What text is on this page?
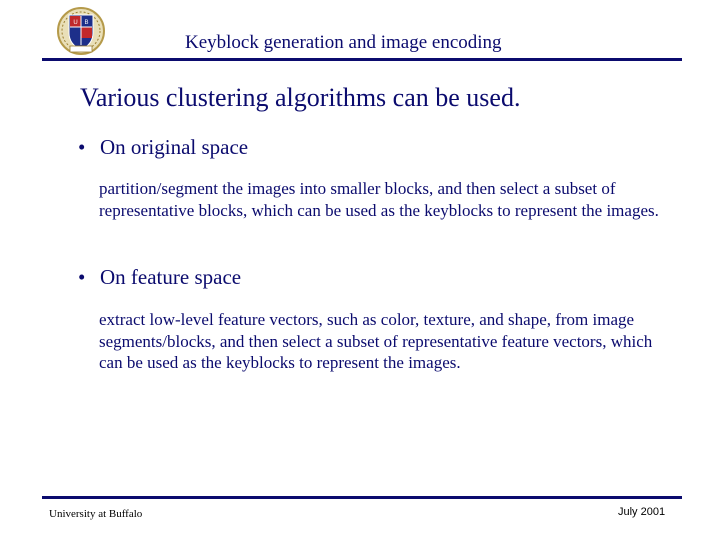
U B
Keyblock generation and image encoding
Various clustering algorithms can be used.
• On original space
partition/segment the images into smaller blocks, and then select a subset of representative blocks, which can be used as the keyblocks to represent the images.
• On feature space
extract low-level feature vectors, such as color, texture, and shape, from image segments/blocks, and then select a subset of representative feature vectors, which can be used as the keyblocks to represent the images.
University at Buffalo	July 2001
